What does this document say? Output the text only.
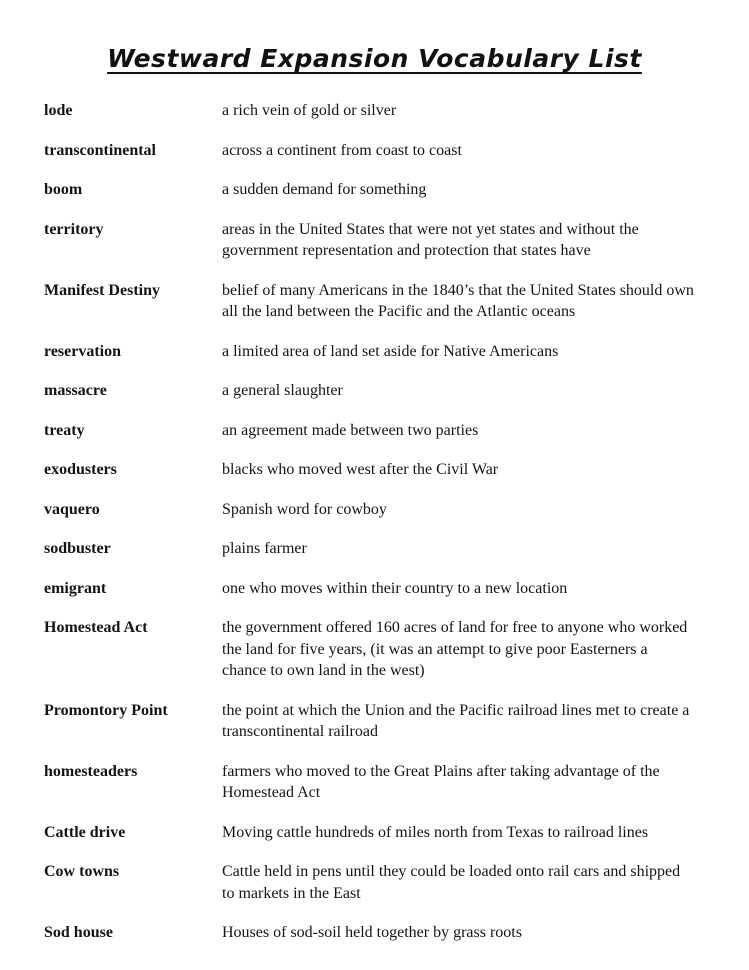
Westward Expansion Vocabulary List
lode	a rich vein of gold or silver
transcontinental	across a continent from coast to coast
boom	a sudden demand for something
territory	areas in the United States that were not yet states and without the government representation and protection that states have
Manifest Destiny	belief of many Americans in the 1840’s that the United States should own all the land between the Pacific and the Atlantic oceans
reservation	a limited area of land set aside for Native Americans
massacre	a general slaughter
treaty	an agreement made between two parties
exodusters	blacks who moved west after the Civil War
vaquero	Spanish word for cowboy
sodbuster	plains farmer
emigrant	one who moves within their country to a new location
Homestead Act	the government offered 160 acres of land for free to anyone who worked the land for five years, (it was an attempt to give poor Easterners a chance to own land in the west)
Promontory Point	the point at which the Union and the Pacific railroad lines met to create a transcontinental railroad
homesteaders	farmers who moved to the Great Plains after taking advantage of the Homestead Act
Cattle drive	Moving cattle hundreds of miles north from Texas to railroad lines
Cow towns	Cattle held in pens until they could be loaded onto rail cars and shipped to markets in the East
Sod house	Houses of sod-soil held together by grass roots
